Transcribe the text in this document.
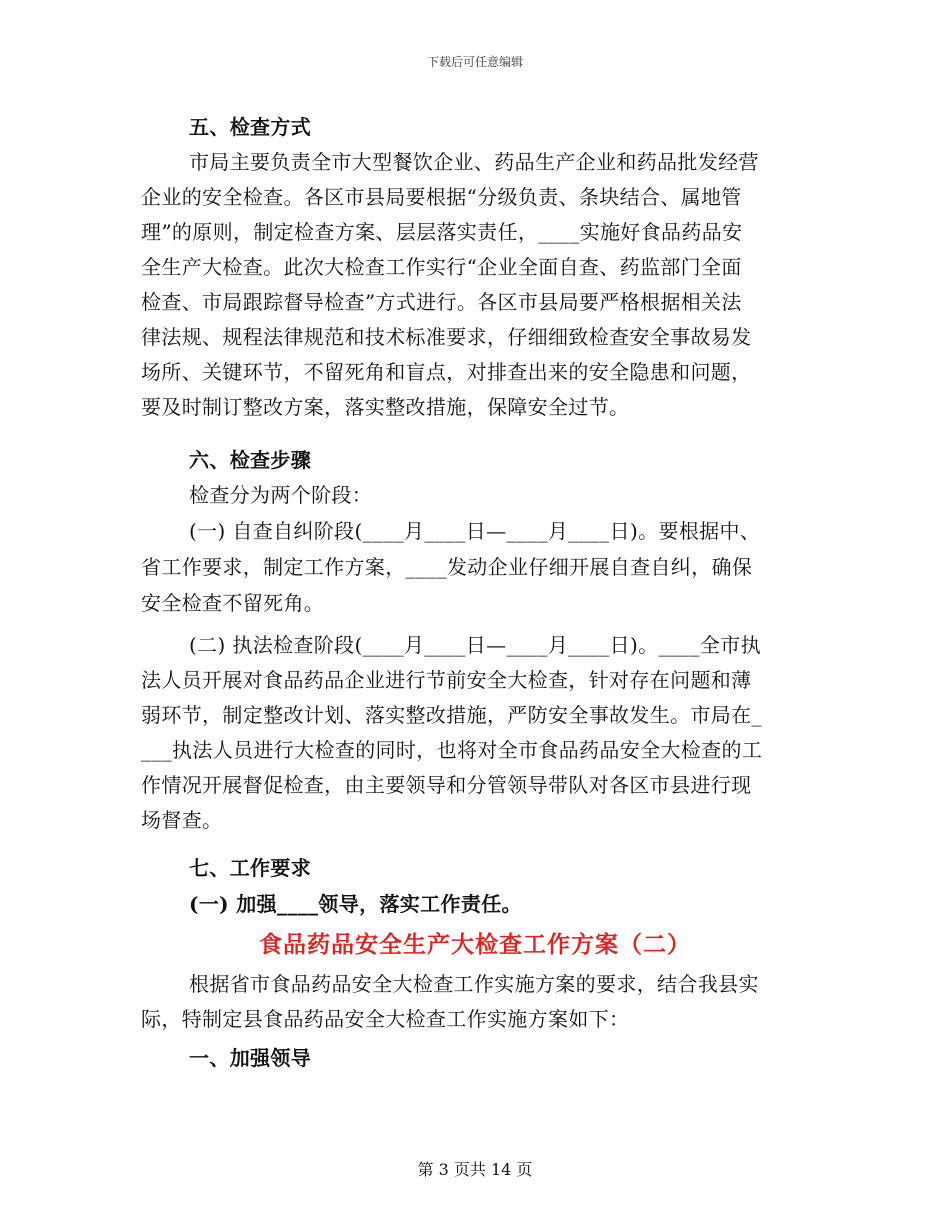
下载后可任意编辑
五、检查方式
市局主要负责全市大型餐饮企业、药品生产企业和药品批发经营
企业的安全检查。各区市县局要根据“分级负责、条块结合、属地管
理”的原则，制定检查方案、层层落实责任，____实施好食品药品安
全生产大检查。此次大检查工作实行“企业全面自查、药监部门全面
检查、市局跟踪督导检查”方式进行。各区市县局要严格根据相关法
律法规、规程法律规范和技术标准要求，仔细细致检查安全事故易发
场所、关键环节，不留死角和盲点，对排查出来的安全隐患和问题，
要及时制订整改方案，落实整改措施，保障安全过节。
六、检查步骤
检查分为两个阶段：
(一) 自查自纠阶段(____月____日—____月____日)。要根据中、
省工作要求，制定工作方案，____发动企业仔细开展自查自纠，确保
安全检查不留死角。
(二) 执法检查阶段(____月____日—____月____日)。____全市执
法人员开展对食品药品企业进行节前安全大检查，针对存在问题和薄
弱环节，制定整改计划、落实整改措施，严防安全事故发生。市局在_
___执法人员进行大检查的同时，也将对全市食品药品安全大检查的工
作情况开展督促检查，由主要领导和分管领导带队对各区市县进行现
场督查。
七、工作要求
(一) 加强____领导，落实工作责任。
食品药品安全生产大检查工作方案（二）
根据省市食品药品安全大检查工作实施方案的要求，结合我县实
际，特制定县食品药品安全大检查工作实施方案如下：
一、加强领导
第 3 页共 14 页
